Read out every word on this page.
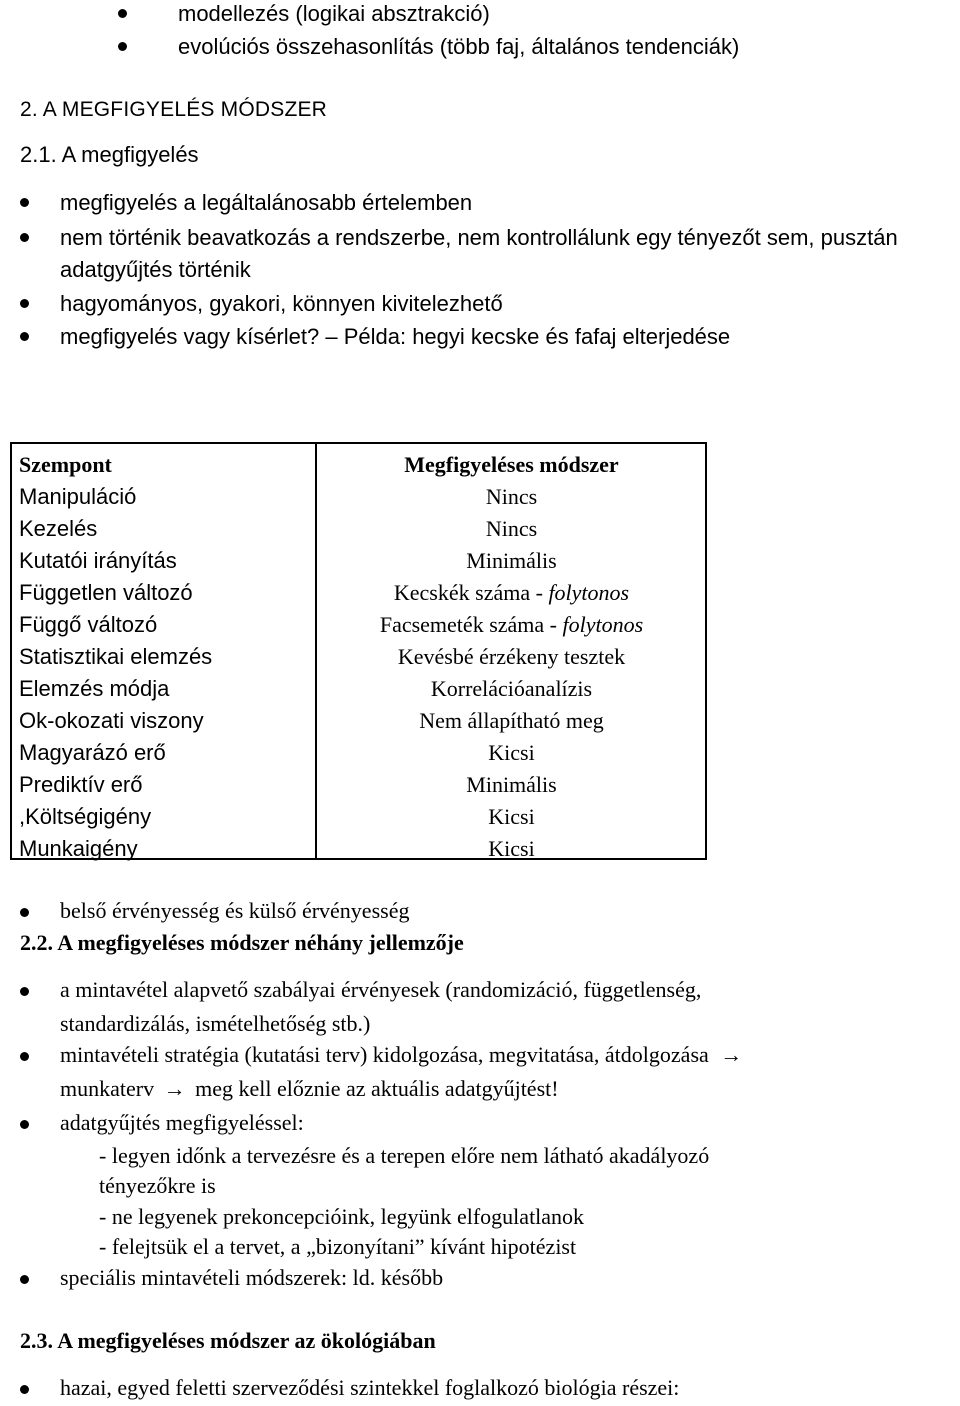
modellezés (logikai absztrakció)
evolúciós összehasonlítás (több faj, általános tendenciák)
2. A MEGFIGYELÉS MÓDSZER
2.1. A megfigyelés
megfigyelés a legáltalánosabb értelemben
nem történik beavatkozás a rendszerbe, nem kontrollálunk egy tényezőt sem, pusztán
adatgyűjtés történik
hagyományos, gyakori, könnyen kivitelezhető
megfigyelés vagy kísérlet? – Példa: hegyi kecske és fafaj elterjedése
Szempont
Manipuláció
Kezelés
Kutatói irányítás
Független változó
Függő változó
Statisztikai elemzés
Elemzés módja
Ok-okozati viszony
Magyarázó erő
Prediktív erő
,Költségigény
Munkaigény
Megfigyeléses módszer
Nincs
Nincs
Minimális
Kecskék száma - folytonos
Facsemeték száma - folytonos
Kevésbé érzékeny tesztek
Korrelációanalízis
Nem állapítható meg
Kicsi
Minimális
Kicsi
Kicsi
belső érvényesség és külső érvényesség
2.2. A megfigyeléses módszer néhány jellemzője
a mintavétel alapvető szabályai érvényesek (randomizáció, függetlenség,
standardizálás, ismételhetőség stb.)
mintavételi stratégia (kutatási terv) kidolgozása, megvitatása, átdolgozása →
munkaterv → meg kell előznie az aktuális adatgyűjtést!
adatgyűjtés megfigyeléssel:
- legyen időnk a tervezésre és a terepen előre nem látható akadályozó
tényezőkre is
- ne legyenek prekoncepcióink, legyünk elfogulatlanok
- felejtsük el a tervet, a „bizonyítani” kívánt hipotézist
speciális mintavételi módszerek: ld. később
2.3. A megfigyeléses módszer az ökológiában
hazai, egyed feletti szerveződési szintekkel foglalkozó biológia részei:
